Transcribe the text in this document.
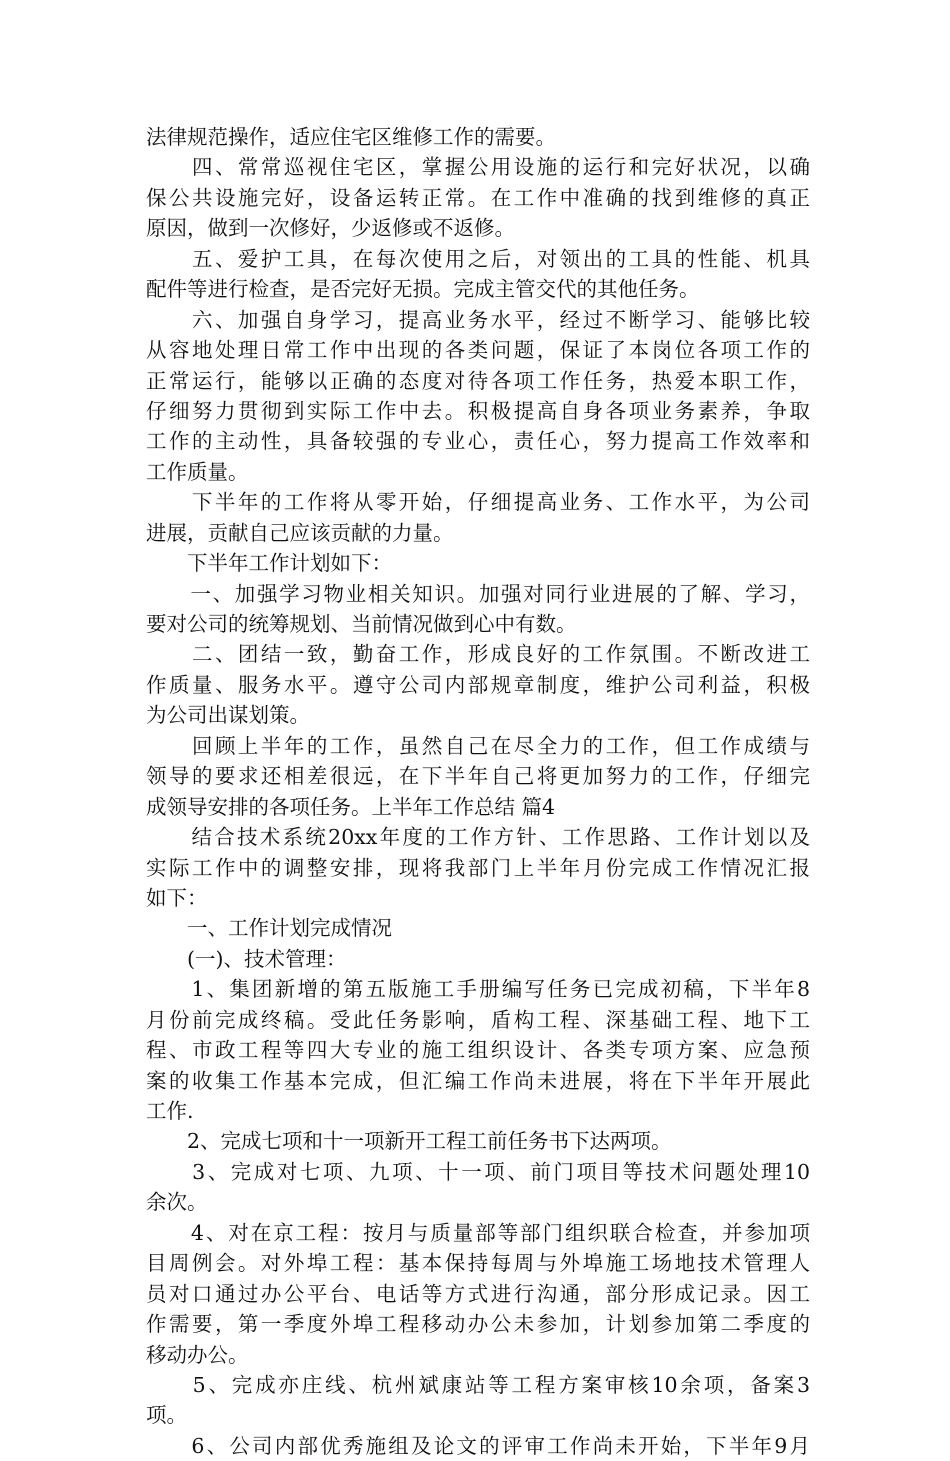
法律规范操作，适应住宅区维修工作的需要。
　　四、常常巡视住宅区，掌握公用设施的运行和完好状况，以确
保公共设施完好，设备运转正常。在工作中准确的找到维修的真正
原因，做到一次修好，少返修或不返修。
　　五、爱护工具，在每次使用之后，对领出的工具的性能、机具
配件等进行检查，是否完好无损。完成主管交代的其他任务。
　　六、加强自身学习，提高业务水平，经过不断学习、能够比较
从容地处理日常工作中出现的各类问题，保证了本岗位各项工作的
正常运行，能够以正确的态度对待各项工作任务，热爱本职工作，
仔细努力贯彻到实际工作中去。积极提高自身各项业务素养，争取
工作的主动性，具备较强的专业心，责任心，努力提高工作效率和
工作质量。
　　下半年的工作将从零开始，仔细提高业务、工作水平，为公司
进展，贡献自己应该贡献的力量。
　　下半年工作计划如下：
　　一、加强学习物业相关知识。加强对同行业进展的了解、学习，
要对公司的统筹规划、当前情况做到心中有数。
　　二、团结一致，勤奋工作，形成良好的工作氛围。不断改进工
作质量、服务水平。遵守公司内部规章制度，维护公司利益，积极
为公司出谋划策。
　　回顾上半年的工作，虽然自己在尽全力的工作，但工作成绩与
领导的要求还相差很远，在下半年自己将更加努力的工作，仔细完
成领导安排的各项任务。上半年工作总结 篇4
　　结合技术系统20xx年度的工作方针、工作思路、工作计划以及
实际工作中的调整安排，现将我部门上半年月份完成工作情况汇报
如下：
　　一、工作计划完成情况
　　(一)、技术管理：
　　1、集团新增的第五版施工手册编写任务已完成初稿，下半年8
月份前完成终稿。受此任务影响，盾构工程、深基础工程、地下工
程、市政工程等四大专业的施工组织设计、各类专项方案、应急预
案的收集工作基本完成，但汇编工作尚未进展，将在下半年开展此
工作.
　　2、完成七项和十一项新开工程工前任务书下达两项。
　　3、完成对七项、九项、十一项、前门项目等技术问题处理10
余次。
　　4、对在京工程：按月与质量部等部门组织联合检查，并参加项
目周例会。对外埠工程：基本保持每周与外埠施工场地技术管理人
员对口通过办公平台、电话等方式进行沟通，部分形成记录。因工
作需要，第一季度外埠工程移动办公未参加，计划参加第二季度的
移动办公。
　　5、完成亦庄线、杭州斌康站等工程方案审核10余项，备案3
项。
　　6、公司内部优秀施组及论文的评审工作尚未开始，下半年9月
